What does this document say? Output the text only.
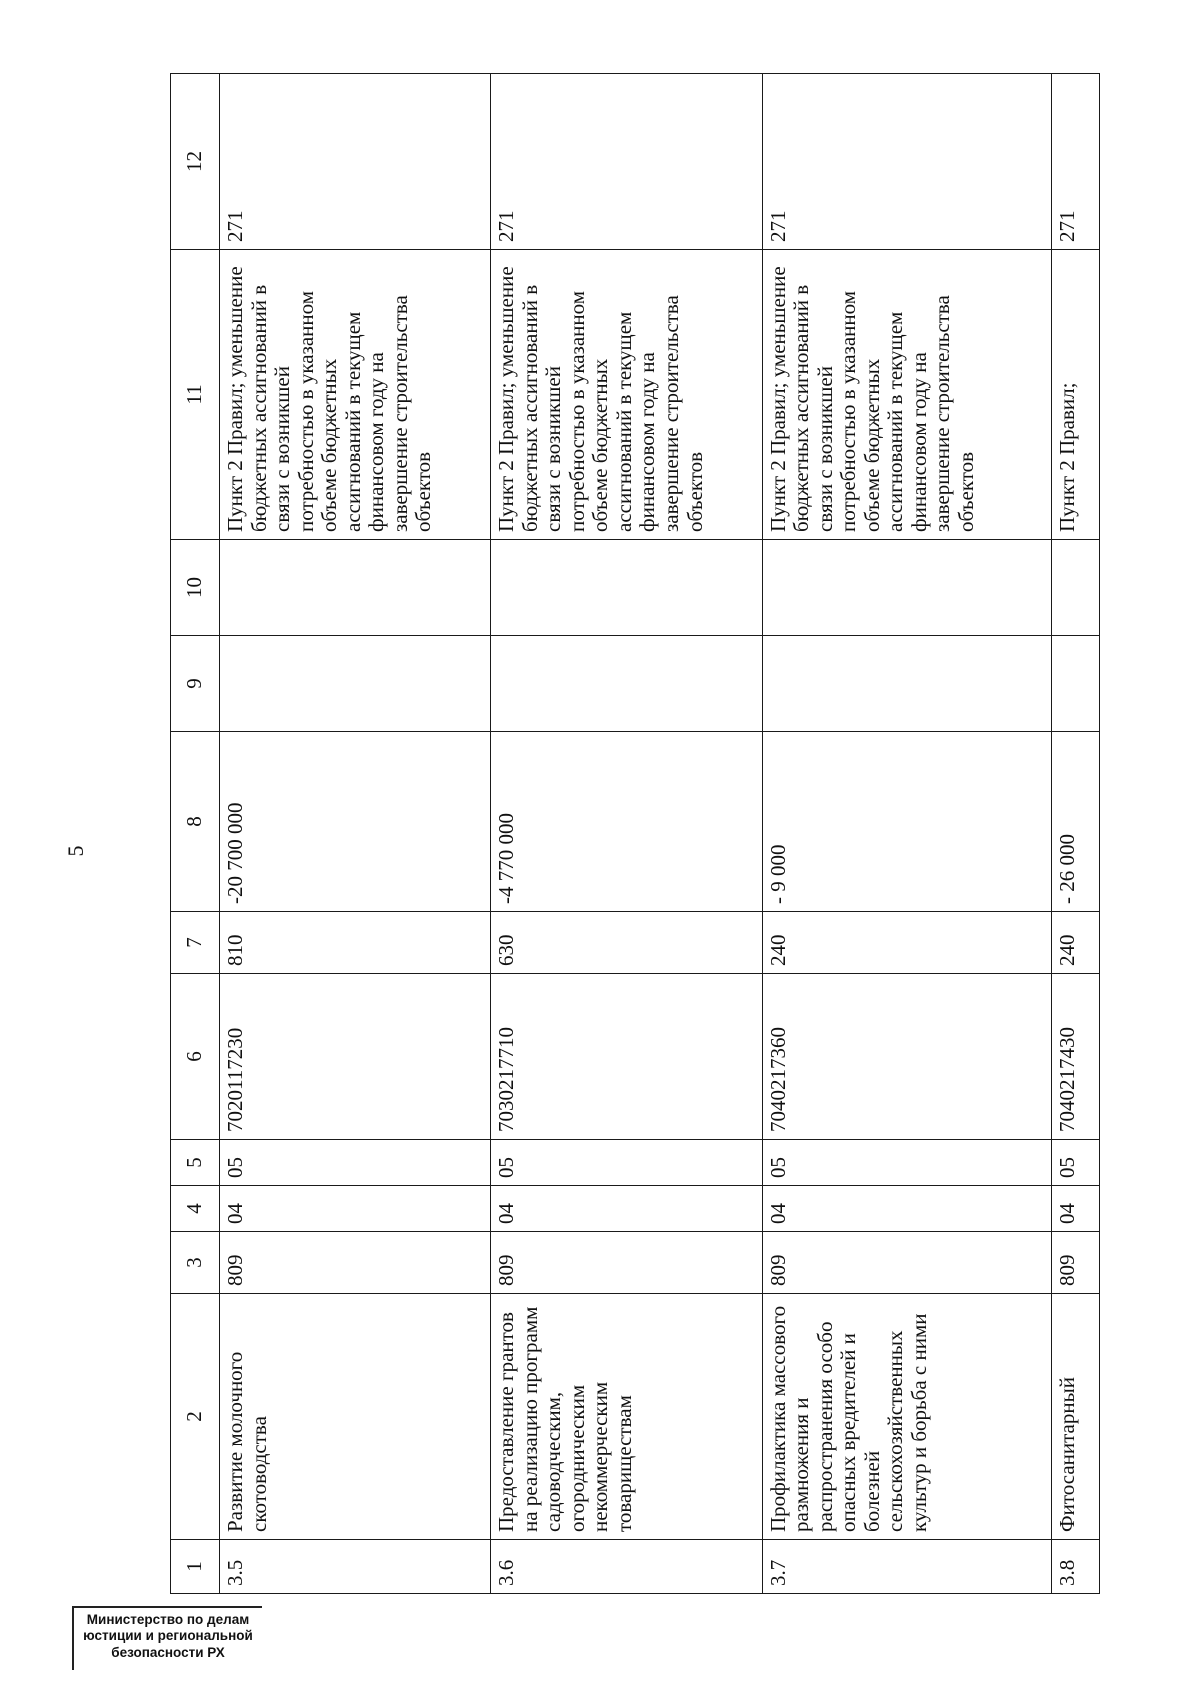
5
1	2	3	4	5	6	7	8	9	10	11	12
3.5	Развитие молочного скотоводства	809	04	05	7020117230	810	-20 700 000			Пункт 2 Правил; уменьшение бюджетных ассигнований в связи с возникшей потребностью в указанном объеме бюджетных ассигнований в текущем финансовом году на завершение строительства объектов	271
3.6	Предоставление грантов на реализацию программ садоводческим, огородническим некоммерческим товариществам	809	04	05	7030217710	630	-4 770 000			Пункт 2 Правил; уменьшение бюджетных ассигнований в связи с возникшей потребностью в указанном объеме бюджетных ассигнований в текущем финансовом году на завершение строительства объектов	271
3.7	Профилактика массового размножения и распространения особо опасных вредителей и болезней сельскохозяйственных культур и борьба с ними	809	04	05	7040217360	240	- 9 000			Пункт 2 Правил; уменьшение бюджетных ассигнований в связи с возникшей потребностью в указанном объеме бюджетных ассигнований в текущем финансовом году на завершение строительства объектов	271
3.8	Фитосанитарный	809	04	05	7040217430	240	- 26 000			Пункт 2 Правил;	271
Министерство по делам
юстиции и региональной
безопасности РХ
